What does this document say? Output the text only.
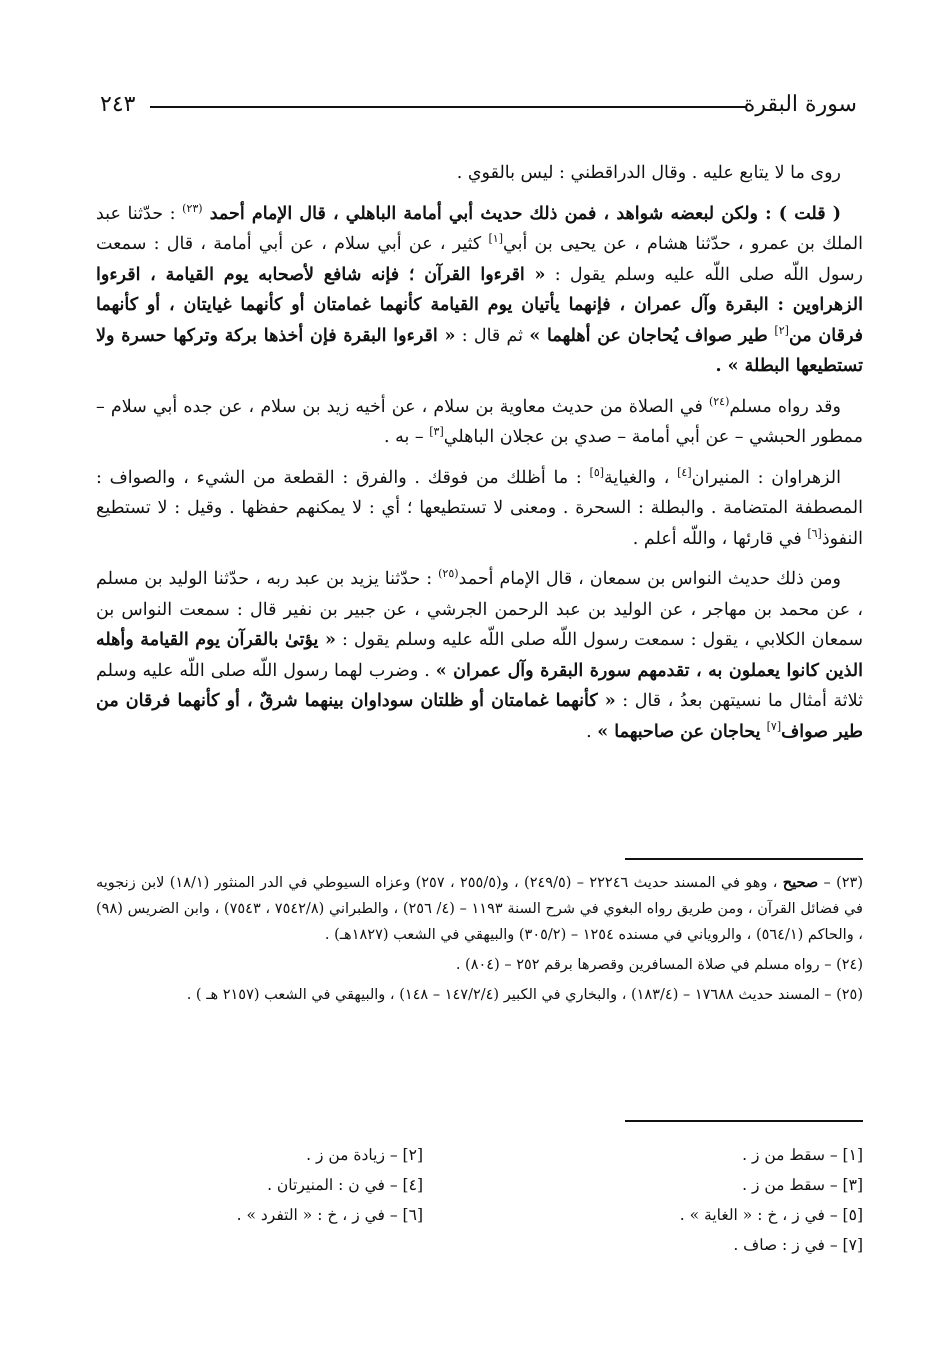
سورة البقرة
٢٤٣

روى ما لا يتابع عليه . وقال الدراقطني : ليس بالقوي .

( قلت ) : ولكن لبعضه شواهد ، فمن ذلك حديث أبي أمامة الباهلي ، قال الإمام أحمد $^{(٢٣)}$ : حدّثنا عبد الملك بن عمرو ، حدّثنا هشام ، عن يحيى بن أبي[١] كثير ، عن أبي سلام ، عن أبي أمامة ، قال : سمعت رسول اللّه صلى اللّه عليه وسلم يقول : « اقرءوا القرآن ؛ فإنه شافع لأصحابه يوم القيامة ، اقرءوا الزهراوين : البقرة وآل عمران ، فإنهما يأتيان يوم القيامة كأنهما غمامتان أو كأنهما غيايتان ، أو كأنهما فرقان من[٢] طير صواف يُحاجان عن أهلهما » ثم قال : « اقرءوا البقرة فإن أخذها بركة وتركها حسرة ولا تستطيعها البطلة » .

وقد رواه مسلم$^{(٢٤)}$ في الصلاة من حديث معاوية بن سلام ، عن أخيه زيد بن سلام ، عن جده أبي سلام – ممطور الحبشي – عن أبي أمامة – صدي بن عجلان الباهلي[٣] – به .

الزهراوان : المنيران[٤] ، والغياية[٥] : ما أظلك من فوقك . والفرق : القطعة من الشيء ، والصواف : المصطفة المتضامة . والبطلة : السحرة . ومعنى لا تستطيعها ؛ أي : لا يمكنهم حفظها . وقيل : لا تستطيع النفوذ[٦] في قارئها ، واللّه أعلم .

ومن ذلك حديث النواس بن سمعان ، قال الإمام أحمد$^{(٢٥)}$ : حدّثنا يزيد بن عبد ربه ، حدّثنا الوليد بن مسلم ، عن محمد بن مهاجر ، عن الوليد بن عبد الرحمن الجرشي ، عن جبير بن نفير قال : سمعت النواس بن سمعان الكلابي ، يقول : سمعت رسول اللّه صلى اللّه عليه وسلم يقول : « يؤتىٰ بالقرآن يوم القيامة وأهله الذين كانوا يعملون به ، تقدمهم سورة البقرة وآل عمران » . وضرب لهما رسول اللّه صلى اللّه عليه وسلم ثلاثة أمثال ما نسيتهن بعدُ ، قال : « كأنهما غمامتان أو ظلتان سوداوان بينهما شرقٌ ، أو كأنهما فرقان من طير صواف[٧] يحاجان عن صاحبهما » .

(٢٣) – صحيح ، وهو في المسند حديث ٢٢٢٤٦ – (٢٤٩/٥) ، و(٢٥٥/٥ ، ٢٥٧) وعزاه السيوطي في الدر المنثور (١٨/١) لابن زنجويه في فضائل القرآن ، ومن طريق رواه البغوي في شرح السنة ١١٩٣ – (٤/ ٢٥٦) ، والطبراني (٧٥٤٢/٨ ، ٧٥٤٣) ، وابن الضريس (٩٨) ، والحاكم (٥٦٤/١) ، والروياني في مسنده ١٢٥٤ – (٣٠٥/٢) والبيهقي في الشعب (١٨٢٧هـ) .

(٢٤) – رواه مسلم في صلاة المسافرين وقصرها برقم ٢٥٢ – (٨٠٤) .

(٢٥) – المسند حديث ١٧٦٨٨ – (١٨٣/٤) ، والبخاري في الكبير (١٤٧/٢/٤ – ١٤٨) ، والبيهقي في الشعب (٢١٥٧ هـ ) .

[١] – سقط من ز .
[٣] – سقط من ز .
[٥] – في ز ، خ : « الغاية » .
[٧] – في ز : صاف .
[٢] – زيادة من ز .
[٤] – في ن : المنيرتان .
[٦] – في ز ، خ : « التفرد » .
